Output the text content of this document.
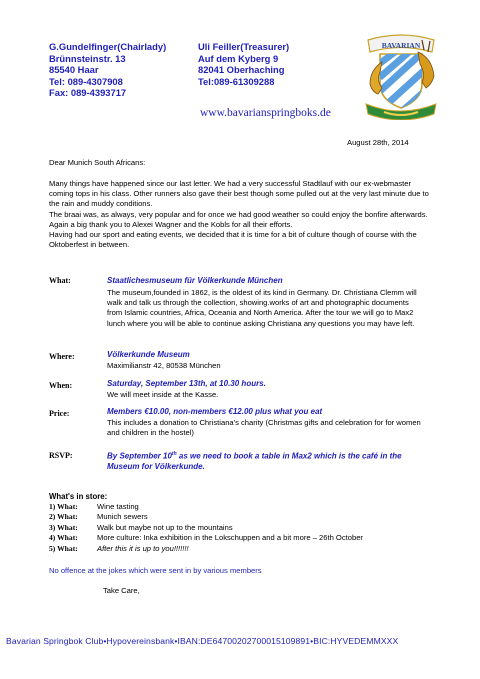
G.Gundelfinger(Chairlady)
Brünnsteinstr. 13
85540 Haar
Tel: 089-4307908
Fax: 089-4393717
Uli Feiller(Treasurer)
Auf dem Kyberg 9
82041 Oberhaching
Tel:089-61309288
www.bavarianspringboks.de
BAVARIAN
August 28th, 2014
Dear Munich South Africans:

Many things have happened since our last letter. We had a very successful Stadtlauf with our ex-webmaster coming tops in his class. Other runners also gave their best though some pulled out at the very last minute due to the rain and muddy conditions.

The braai was, as always, very popular and for once we had good weather so could enjoy the bonfire afterwards. Again a big thank you to Alexei Wagner and the Kobls for all their efforts.

Having had our sport and eating events, we decided that it is time for a bit of culture though of course with the Oktoberfest in between.

What:	Staatlichesmuseum für Völkerkunde München
The museum,founded in 1862, is the oldest of its kind in Germany. Dr. Christiana Clemm will walk and talk us through the collection, showing.works of art and photographic documents from Islamic countries, Africa, Oceania and North America. After the tour we will go to Max2 lunch where you will be able to continue asking Christiana any questions you may have left.
Where:	Völkerkunde Museum
Maximilianstr 42, 80538 München
When:	Saturday, September 13th, at 10.30 hours.
We will meet inside at the Kasse.
Price:	Members €10.00, non-members €12.00 plus what you eat
This includes a donation to Christiana's charity (Christmas gifts and celebration for for women and children in the hostel)
RSVP:	By September 10th as we need to book a table in Max2 which is the café in the Museum for Völkerkunde.
What's in store:
1) What:	Wine tasting
2) What:	Munich sewers
3) What:	Walk but maybe not up to the mountains
4) What:	More culture: Inka exhibition in the Lokschuppen and a bit more – 26th October
5) What:	After this it is up to you!!!!!!!
No offence at the jokes which were sent in by various members
Take Care,
Bavarian Springbok Club•Hypovereinsbank•IBAN:DE64700202700015109891•BIC:HYVEDEMMXXX
